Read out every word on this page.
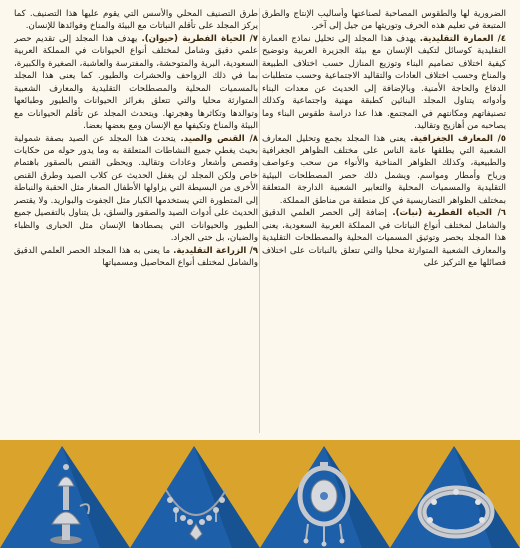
الضرورية لها والطقوس المصاحبة لصناعتها وأساليب الإنتاج والطرق المتبعة في تعليم هذه الحرف وتوريثها من جيل إلى آخر.
٤/ العمارة التقليدية. يهدف هذا المجلد إلى تحليل نماذج العمارة التقليدية كوسائل لتكيف الإنسان مع بيئة الجزيرة العربية وتوضيح كيفية اختلاف تصاميم البناء وتوزيع المنازل حسب اختلاف الطبيعة والمناخ وحسب اختلاف العادات والتقاليد الاجتماعية وحسب متطلبات الدفاع والحاجة الأمنية. وبالإضافة إلى الحديث عن معدات البناء وأدواته يتناول المجلد البنائين كطبقة مهنية واجتماعية وكذلك تصنيفاتهم ومكانتهم في المجتمع. هذا عدا دراسة طقوس البناء وما يصاحبه من أهازيج وتقاليد.
٥/ المعارف الجغرافية. يعنى هذا المجلد بجمع وتحليل المعارف الشعبية التي يطلقها عامة الناس على مختلف الظواهر الجغرافية والطبيعية، وكذلك الظواهر المناخية والأنواء من سحب وعواصف ورياح وأمطار ومواسم. ويشمل ذلك حصر المصطلحات البيئية التقليدية والمسميات المحلية والتعابير الشعبية الدارجة المتعلقة بمختلف الظواهر التضاريسية في كل منطقة من مناطق المملكة.
٦/ الحياة الفطرية (نبات). إضافة إلى الحصر العلمي الدقيق والشامل لمختلف أنواع النباتات في المملكة العربية السعودية، يعنى هذا المجلد بحصر وتوثيق المسميات المحلية والمصطلحات التقليدية والمعارف الشعبية المتوارثة محليا والتي تتعلق بالنباتات على اختلاف فصائلها مع التركيز على

طرق التصنيف المحلي والأسس التي يقوم عليها هذا التصنيف. كما يركز المجلد على تأقلم النباتات مع البيئة والمناخ وفوائدها للإنسان.
٧/ الحياة الفطرية (حيوان). يهدف هذا المجلد إلى تقديم حصر علمي دقيق وشامل لمختلف أنواع الحيوانات في المملكة العربية السعودية، البرية والمتوحشة، والمفترسة والعاشبة، الصغيرة والكبيرة، بما في ذلك الزواحف والحشرات والطيور. كما يعنى هذا المجلد بالمسميات المحلية والمصطلحات التقليدية والمعارف الشعبية المتوارثة محليا والتي تتعلق بغرائز الحيوانات والطيور وطبائعها وتوالدها وتكاثرها وهجرتها. ويتحدث المجلد عن تأقلم الحيوانات مع البيئة والمناخ وتكيفها مع الإنسان ومع بعضها بعضا.
٨/ القنص والصيد. يتحدث هذا المجلد عن الصيد بصفة شمولية بحيث يغطي جميع النشاطات المتعلقة به وما يدور حوله من حكايات وقصص وأشعار وعادات وتقاليد. ويحظى القنص بالصقور باهتمام خاص ولكن المجلد لن يغفل الحديث عن كلاب الصيد وطرق القنص الأخرى من البسيطة التي يزاولها الأطفال الصغار مثل الحقبة والنباطة إلى المتطورة التي يستخدمها الكبار مثل الجفوت والبواريد. ولا يقتصر الحديث على أدوات الصيد والصقور والسلق، بل يتناول بالتفصيل جميع الطيور والحيوانات التي يصطادها الإنسان مثل الحبارى والظباء والضبان، بل حتى الجراد.
٩/ الزراعة التقليدية. ما يعنى به هذا المجلد الحصر العلمي الدقيق والشامل لمختلف أنواع المحاصيل ومسمياتها
